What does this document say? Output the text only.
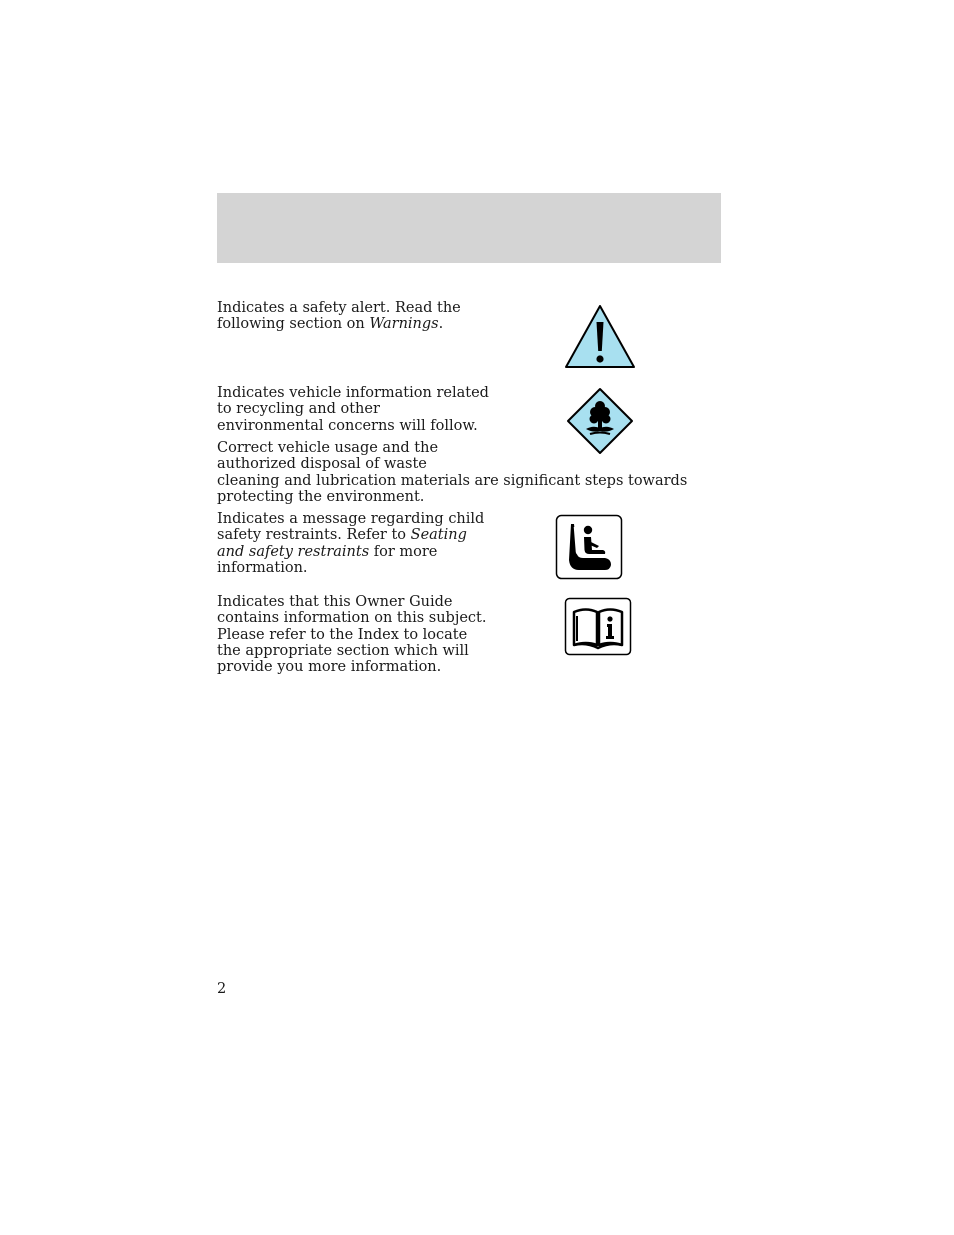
Indicates a safety alert. Read the
following section on Warnings.

Indicates vehicle information related
to recycling and other
environmental concerns will follow.

Correct vehicle usage and the
authorized disposal of waste
cleaning and lubrication materials are significant steps towards
protecting the environment.

Indicates a message regarding child
safety restraints. Refer to Seating
and safety restraints for more
information.

Indicates that this Owner Guide
contains information on this subject.
Please refer to the Index to locate
the appropriate section which will
provide you more information.

2
